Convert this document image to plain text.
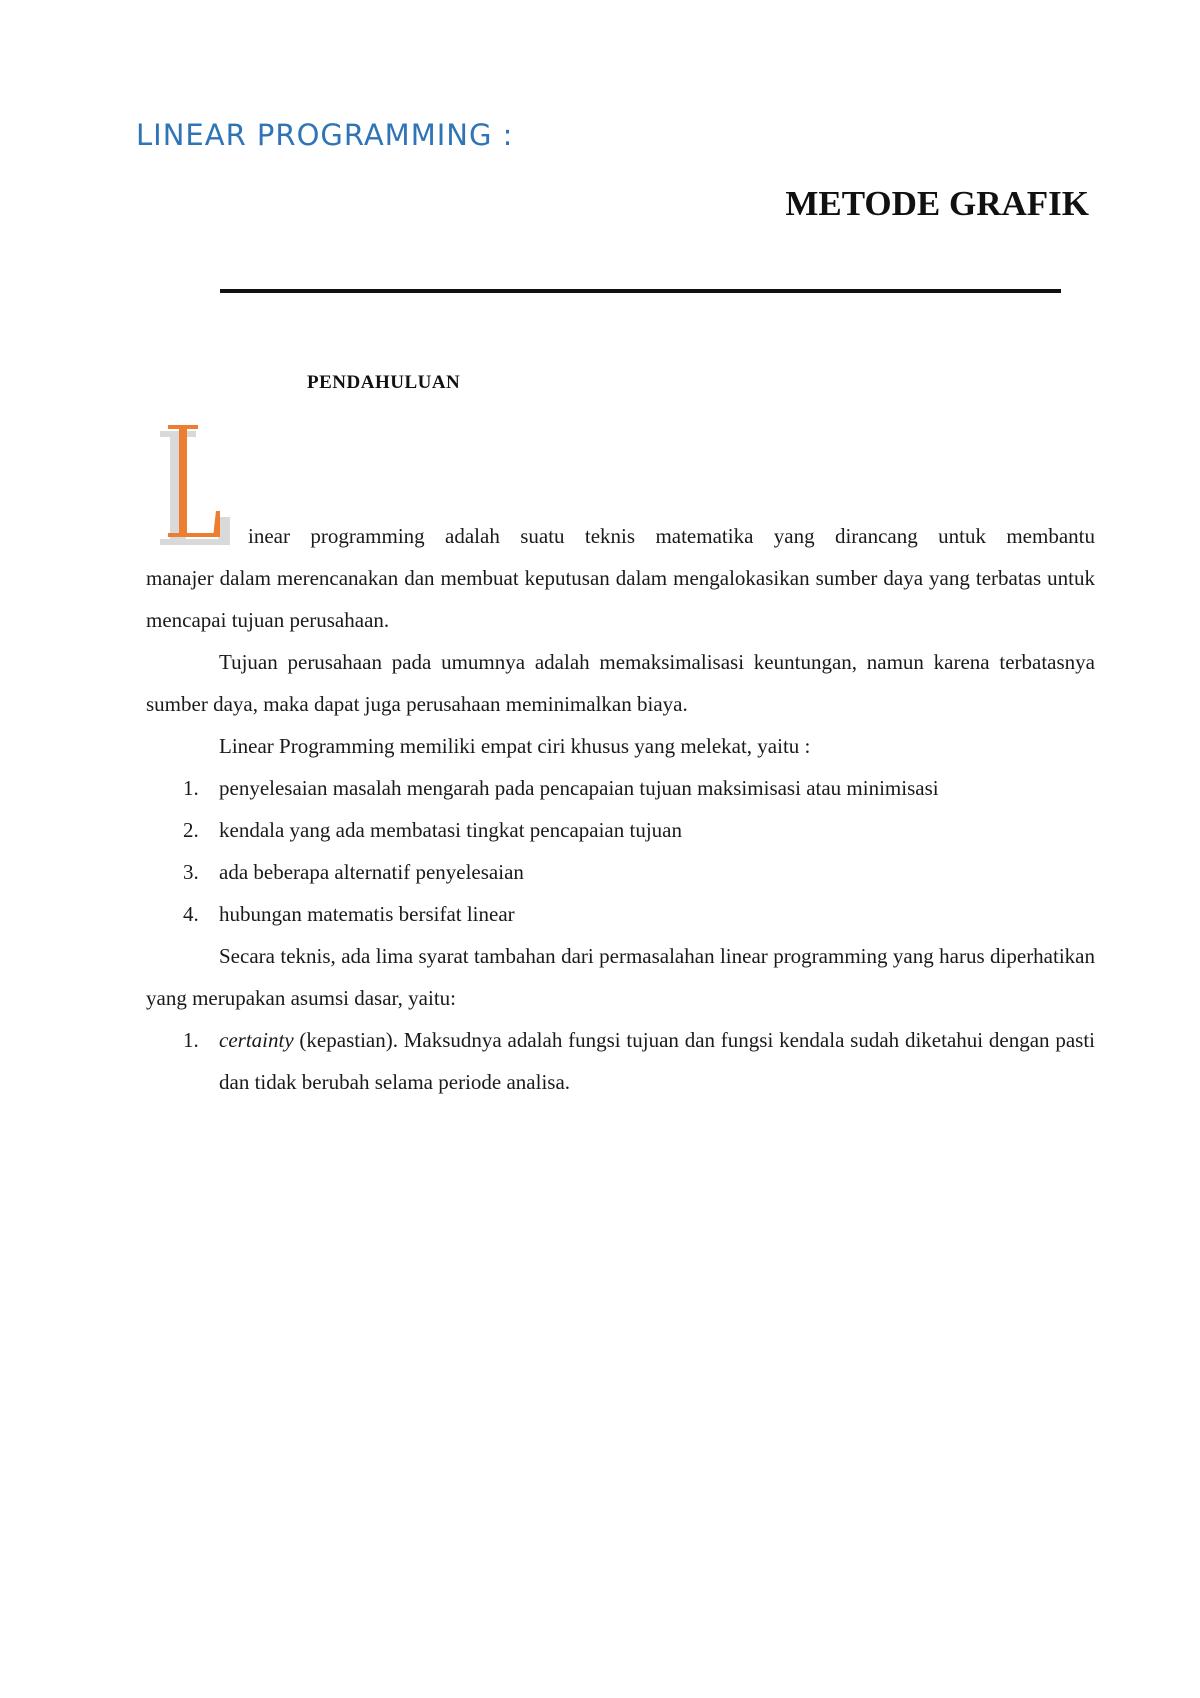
LINEAR PROGRAMMING :
METODE GRAFIK
PENDAHULUAN
inear programming adalah suatu teknis matematika yang dirancang untuk membantu
manajer dalam merencanakan dan membuat keputusan dalam mengalokasikan sumber daya yang terbatas untuk mencapai tujuan perusahaan.

Tujuan perusahaan pada umumnya adalah memaksimalisasi keuntungan, namun karena terbatasnya sumber daya, maka dapat juga perusahaan meminimalkan biaya.

Linear Programming memiliki empat ciri khusus yang melekat, yaitu :

1. penyelesaian masalah mengarah pada pencapaian tujuan maksimisasi atau minimisasi
2. kendala yang ada membatasi tingkat pencapaian tujuan
3. ada beberapa alternatif penyelesaian
4. hubungan matematis bersifat linear

Secara teknis, ada lima syarat tambahan dari permasalahan linear programming yang harus diperhatikan yang merupakan asumsi dasar, yaitu:

1. certainty (kepastian). Maksudnya adalah fungsi tujuan dan fungsi kendala sudah diketahui dengan pasti dan tidak berubah selama periode analisa.
